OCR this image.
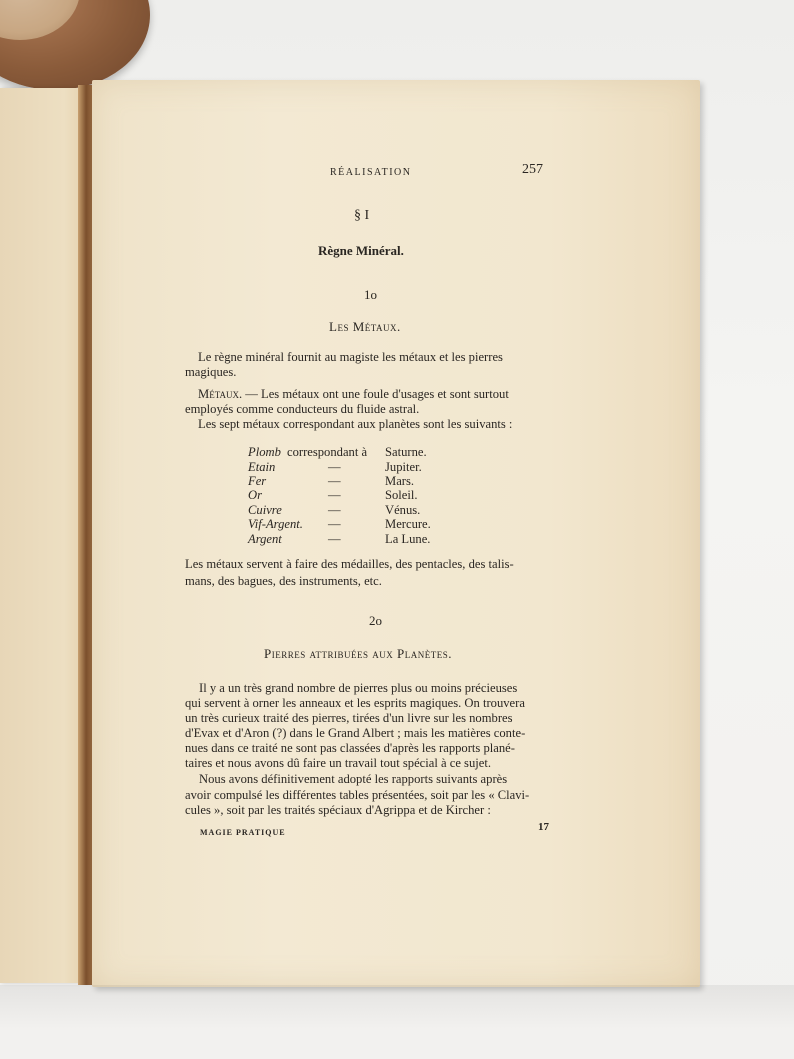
RÉALISATION	257
§ I
Règne Minéral.
1o
Les Métaux.
Le règne minéral fournit au magiste les métaux et les pierres
magiques.
Métaux. — Les métaux ont une foule d'usages et sont surtout
employés comme conducteurs du fluide astral.
Les sept métaux correspondant aux planètes sont les suivants :
Plomb correspondant à Saturne.
Etain	—	Jupiter.
Fer	—	Mars.
Or	—	Soleil.
Cuivre	—	Vénus.
Vif-Argent. —	Mercure.
Argent	—	La Lune.
Les métaux servent à faire des médailles, des pentacles, des talis-
mans, des bagues, des instruments, etc.
2o
Pierres attribuées aux Planètes.
Il y a un très grand nombre de pierres plus ou moins précieuses
qui servent à orner les anneaux et les esprits magiques. On trouvera
un très curieux traité des pierres, tirées d'un livre sur les nombres
d'Evax et d'Aron (?) dans le Grand Albert ; mais les matières conte-
nues dans ce traité ne sont pas classées d'après les rapports plané-
taires et nous avons dû faire un travail tout spécial à ce sujet.
Nous avons définitivement adopté les rapports suivants après
avoir compulsé les différentes tables présentées, soit par les « Clavi-
cules », soit par les traités spéciaux d'Agrippa et de Kircher :
MAGIE PRATIQUE	17
